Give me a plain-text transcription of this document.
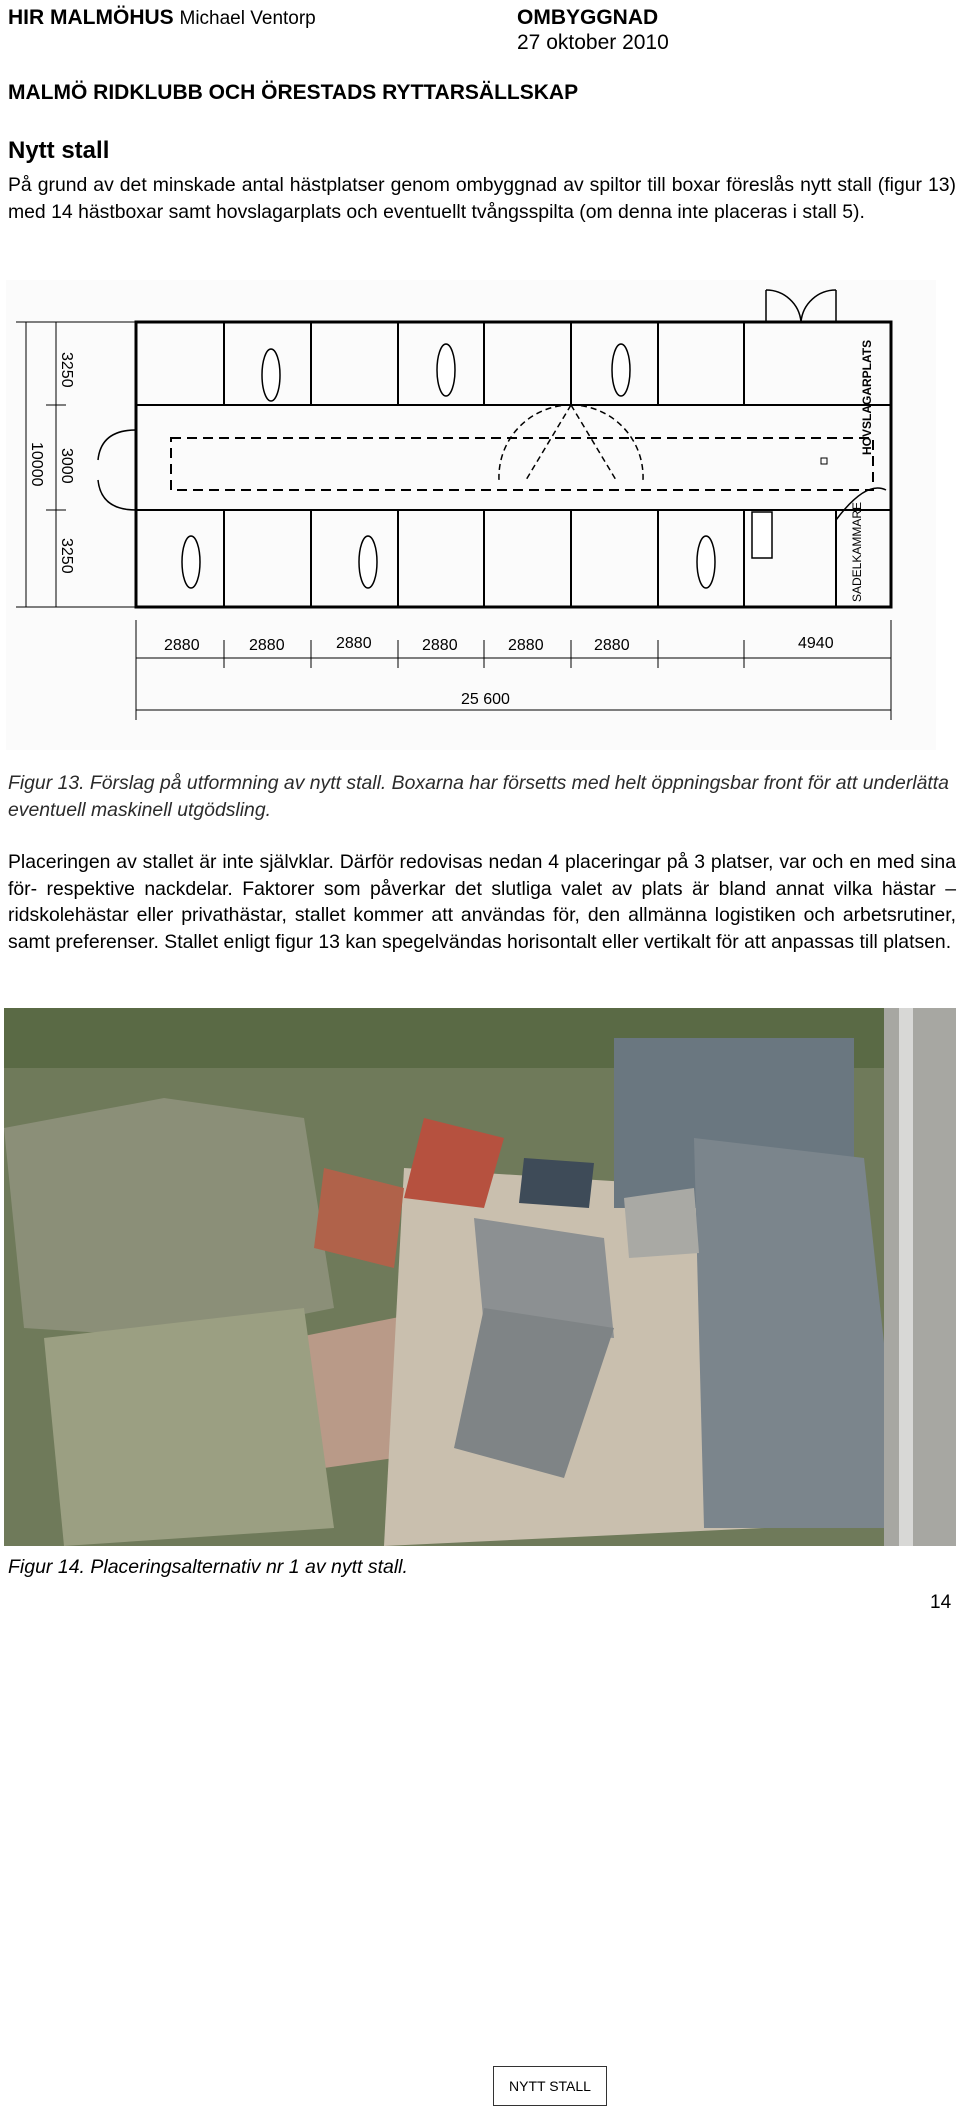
HIR MALMÖHUS Michael Ventorp	OMBYGGNAD
27 oktober 2010
MALMÖ RIDKLUBB OCH ÖRESTADS RYTTARSÄLLSKAP
Nytt stall
På grund av det minskade antal hästplatser genom ombyggnad av spiltor till boxar föreslås nytt stall (figur 13) med 14 hästboxar samt hovslagarplats och eventuellt tvångsspilta (om denna inte placeras i stall 5).
HOVSLAGARPLATS
SADELKAMMARE
2880	2880	2880	2880	2880	2880	4940
25 600
3250
3000
3250
10000
Figur 13. Förslag på utformning av nytt stall. Boxarna har försetts med helt öppningsbar front för att underlätta eventuell maskinell utgödsling.
Placeringen av stallet är inte självklar. Därför redovisas nedan 4 placeringar på 3 platser, var och en med sina för- respektive nackdelar. Faktorer som påverkar det slutliga valet av plats är bland annat vilka hästar – ridskolehästar eller privathästar, stallet kommer att användas för, den allmänna logistiken och arbetsrutiner, samt preferenser. Stallet enligt figur 13 kan spegelvändas horisontalt eller vertikalt för att anpassas till platsen.
NYTT STALL
Figur 14. Placeringsalternativ nr 1 av nytt stall.
14
